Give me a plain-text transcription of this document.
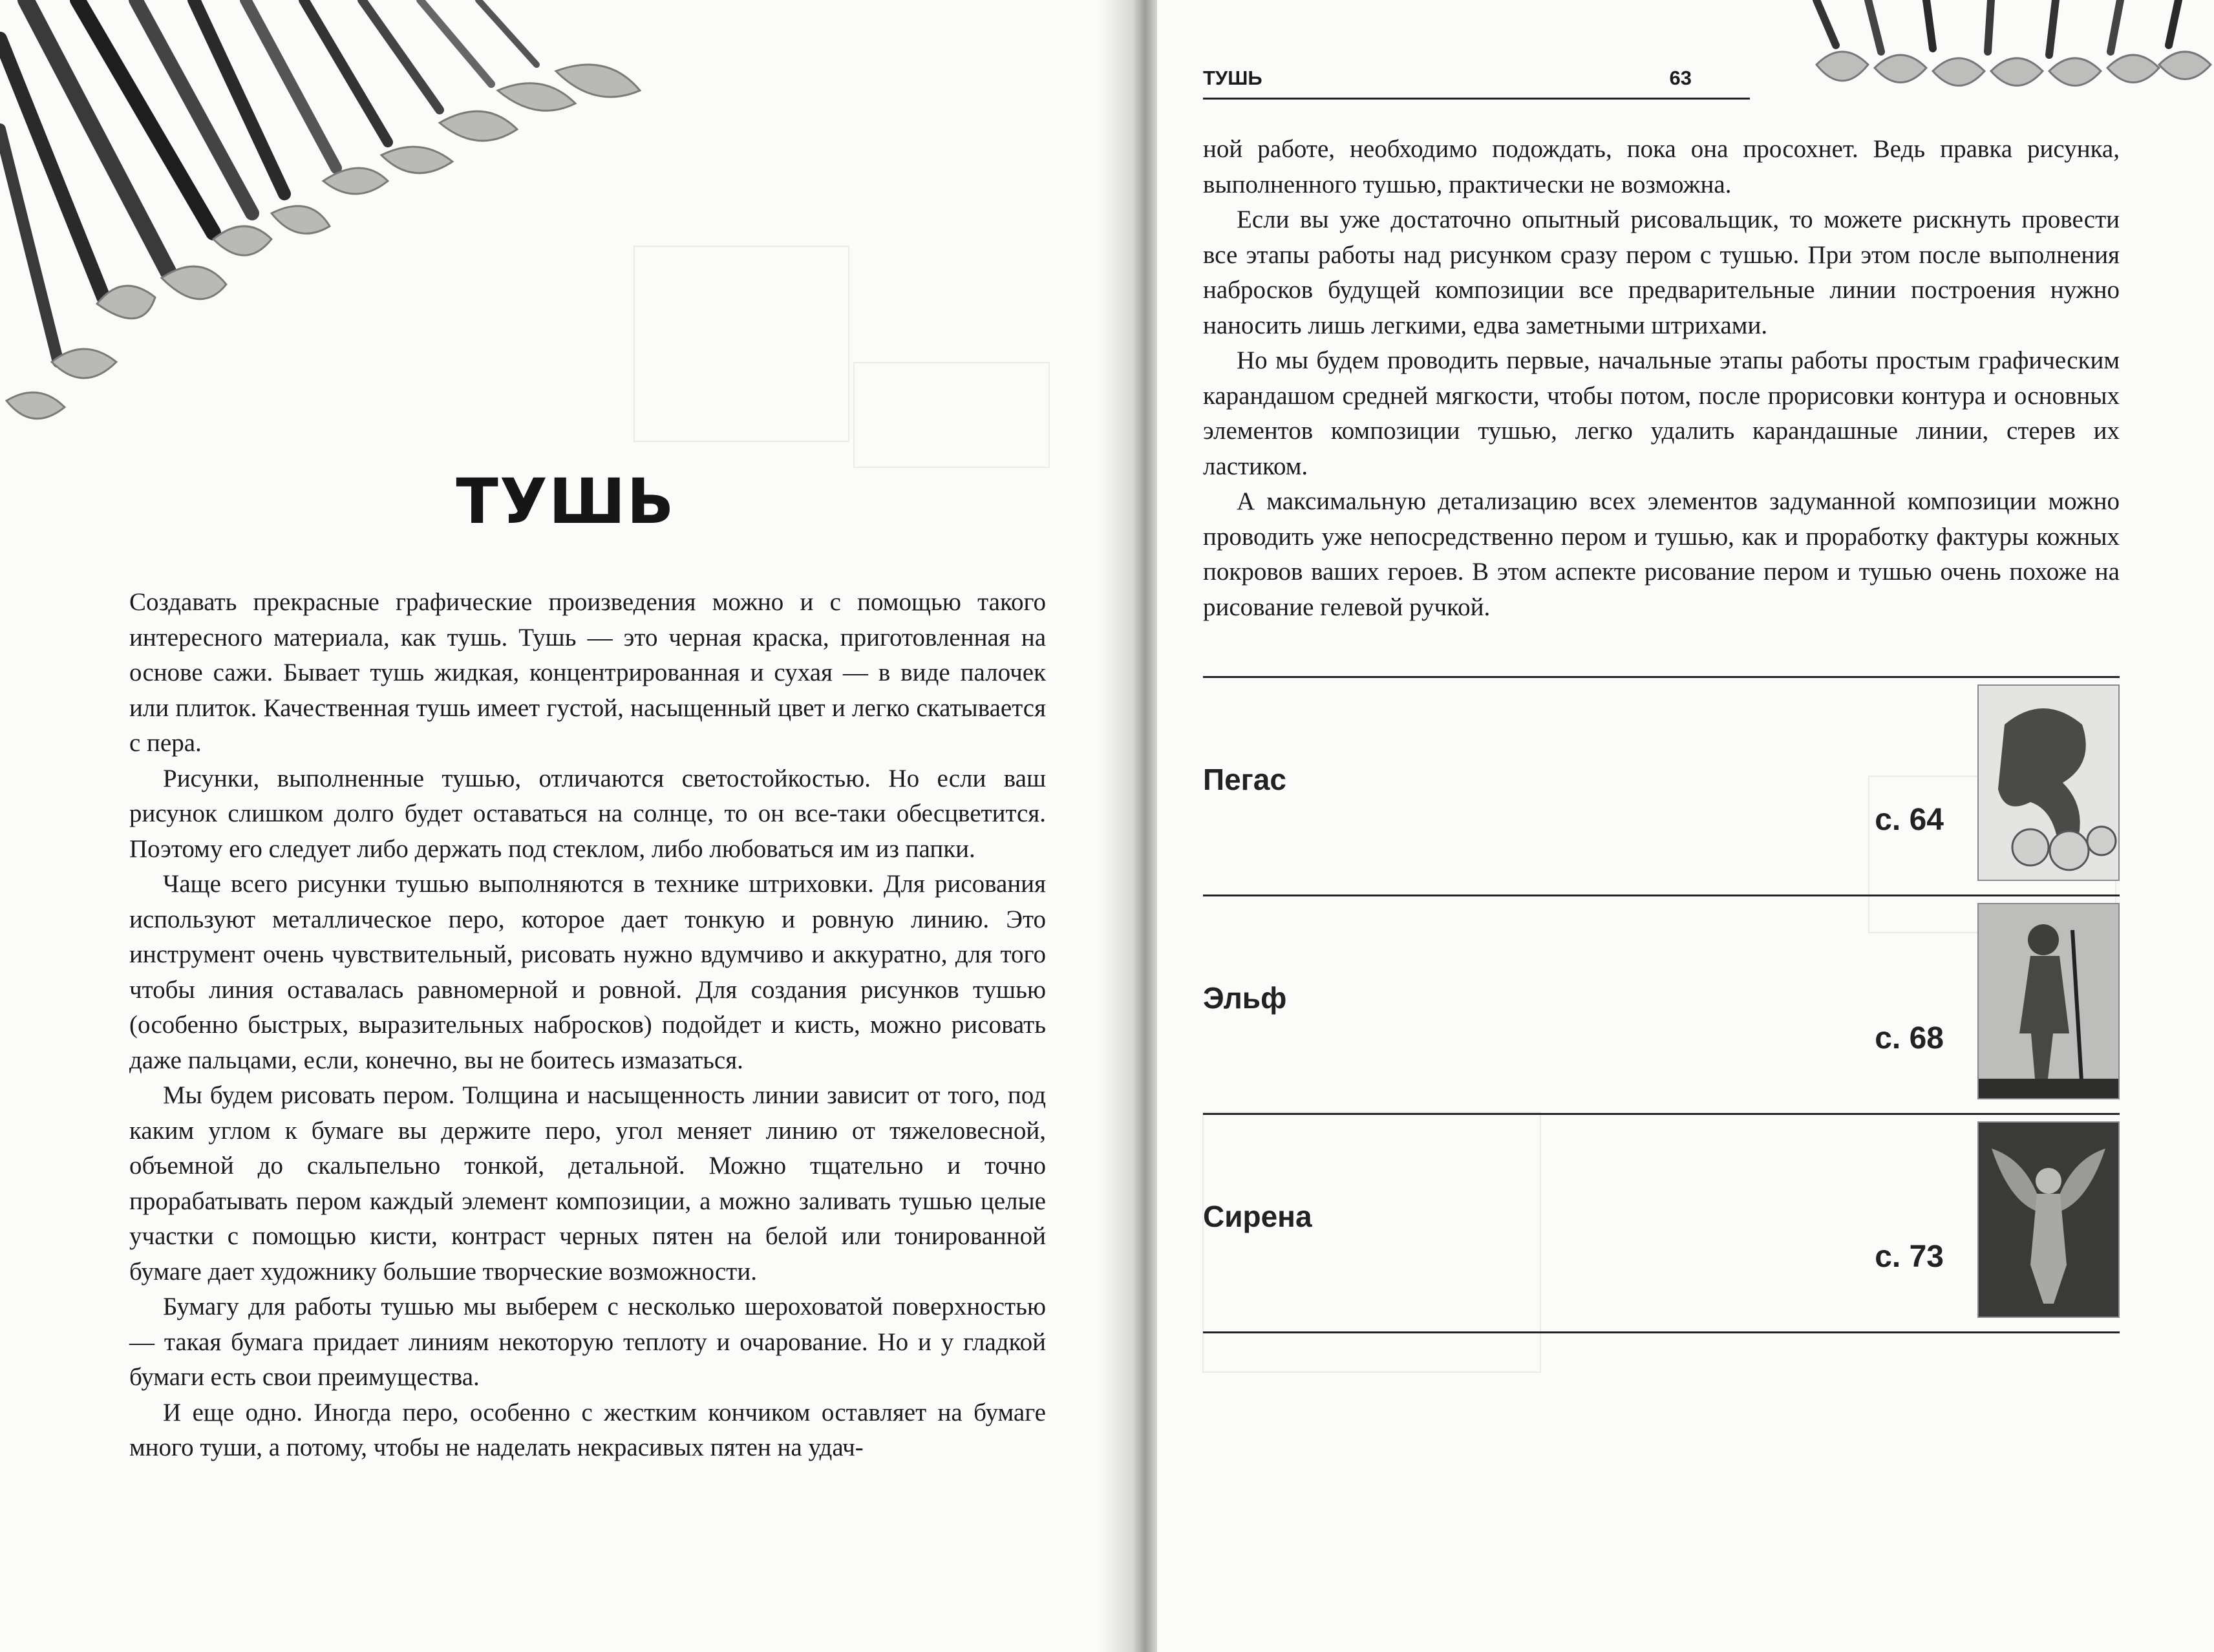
ТУШЬ

Создавать прекрасные графические произведения можно и с помощью такого интересного материала, как тушь. Тушь — это черная краска, приготовленная на основе сажи. Бывает тушь жидкая, концентрированная и сухая — в виде палочек или плиток. Качественная тушь имеет густой, насыщенный цвет и легко скатывается с пера.

Рисунки, выполненные тушью, отличаются светостойкостью. Но если ваш рисунок слишком долго будет оставаться на солнце, то он все-таки обесцветится. Поэтому его следует либо держать под стеклом, либо любоваться им из папки.

Чаще всего рисунки тушью выполняются в технике штриховки. Для рисования используют металлическое перо, которое дает тонкую и ровную линию. Это инструмент очень чувствительный, рисовать нужно вдумчиво и аккуратно, для того чтобы линия оставалась равномерной и ровной. Для создания рисунков тушью (особенно быстрых, выразительных набросков) подойдет и кисть, можно рисовать даже пальцами, если, конечно, вы не боитесь измазаться.

Мы будем рисовать пером. Толщина и насыщенность линии зависит от того, под каким углом к бумаге вы держите перо, угол меняет линию от тяжеловесной, объемной до скальпельно тонкой, детальной. Можно тщательно и точно прорабатывать пером каждый элемент композиции, а можно заливать тушью целые участки с помощью кисти, контраст черных пятен на белой или тонированной бумаге дает художнику большие творческие возможности.

Бумагу для работы тушью мы выберем с несколько шероховатой поверхностью — такая бумага придает линиям некоторую теплоту и очарование. Но и у гладкой бумаги есть свои преимущества.

И еще одно. Иногда перо, особенно с жестким кончиком оставляет на бумаге много туши, а потому, чтобы не наделать некрасивых пятен на удач-

ТУШЬ	63

ной работе, необходимо подождать, пока она просохнет. Ведь правка рисунка, выполненного тушью, практически не возможна.

Если вы уже достаточно опытный рисовальщик, то можете рискнуть провести все этапы работы над рисунком сразу пером с тушью. При этом после выполнения набросков будущей композиции все предварительные линии построения нужно наносить лишь легкими, едва заметными штрихами.

Но мы будем проводить первые, начальные этапы работы простым графическим карандашом средней мягкости, чтобы потом, после прорисовки контура и основных элементов композиции тушью, легко удалить карандашные линии, стерев их ластиком.

А максимальную детализацию всех элементов задуманной композиции можно проводить уже непосредственно пером и тушью, как и проработку фактуры кожных покровов ваших героев. В этом аспекте рисование пером и тушью очень похоже на рисование гелевой ручкой.

Пегас
с. 64
Эльф
с. 68
Сирена
с. 73
